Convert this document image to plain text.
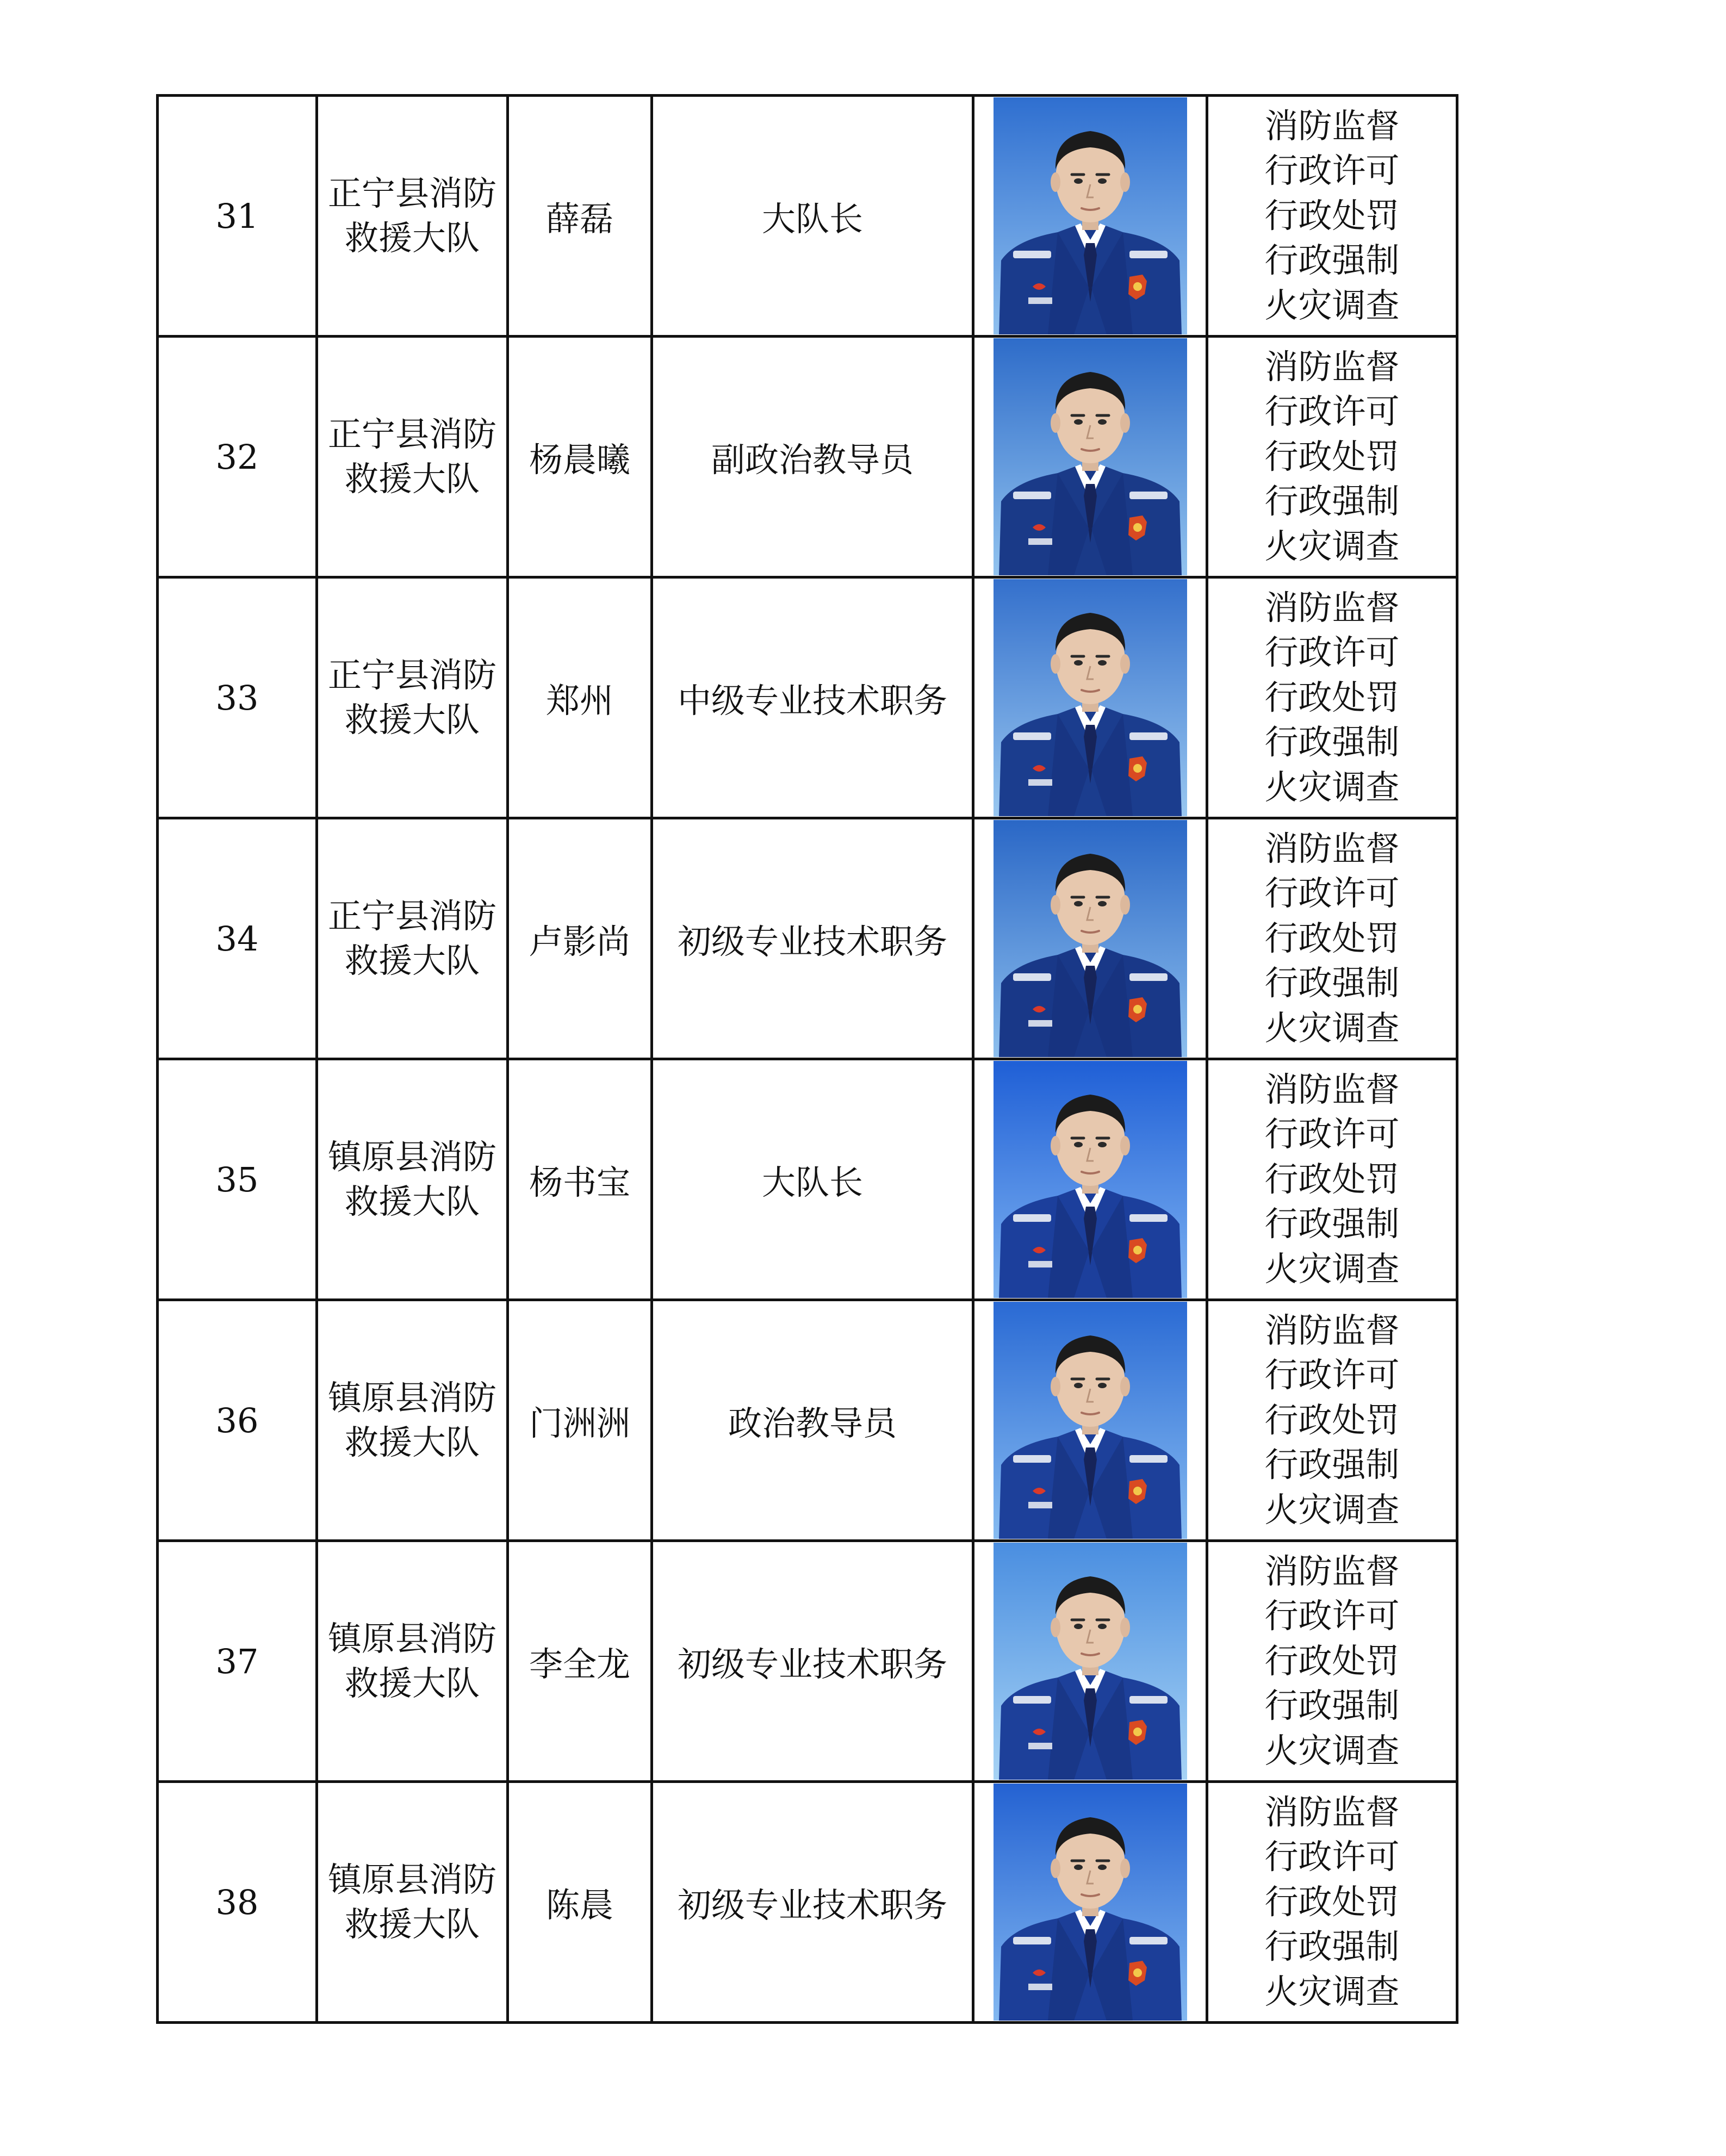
31	正宁县消防
救援大队	薛磊	大队长		消防监督
行政许可
行政处罚
行政强制
火灾调查

32	正宁县消防
救援大队	杨晨曦	副政治教导员		消防监督
行政许可
行政处罚
行政强制
火灾调查

33	正宁县消防
救援大队	郑州	中级专业技术职务		消防监督
行政许可
行政处罚
行政强制
火灾调查

34	正宁县消防
救援大队	卢影尚	初级专业技术职务		消防监督
行政许可
行政处罚
行政强制
火灾调查

35	镇原县消防
救援大队	杨书宝	大队长		消防监督
行政许可
行政处罚
行政强制
火灾调查

36	镇原县消防
救援大队	门洲洲	政治教导员		消防监督
行政许可
行政处罚
行政强制
火灾调查

37	镇原县消防
救援大队	李全龙	初级专业技术职务		消防监督
行政许可
行政处罚
行政强制
火灾调查

38	镇原县消防
救援大队	陈晨	初级专业技术职务		消防监督
行政许可
行政处罚
行政强制
火灾调查
